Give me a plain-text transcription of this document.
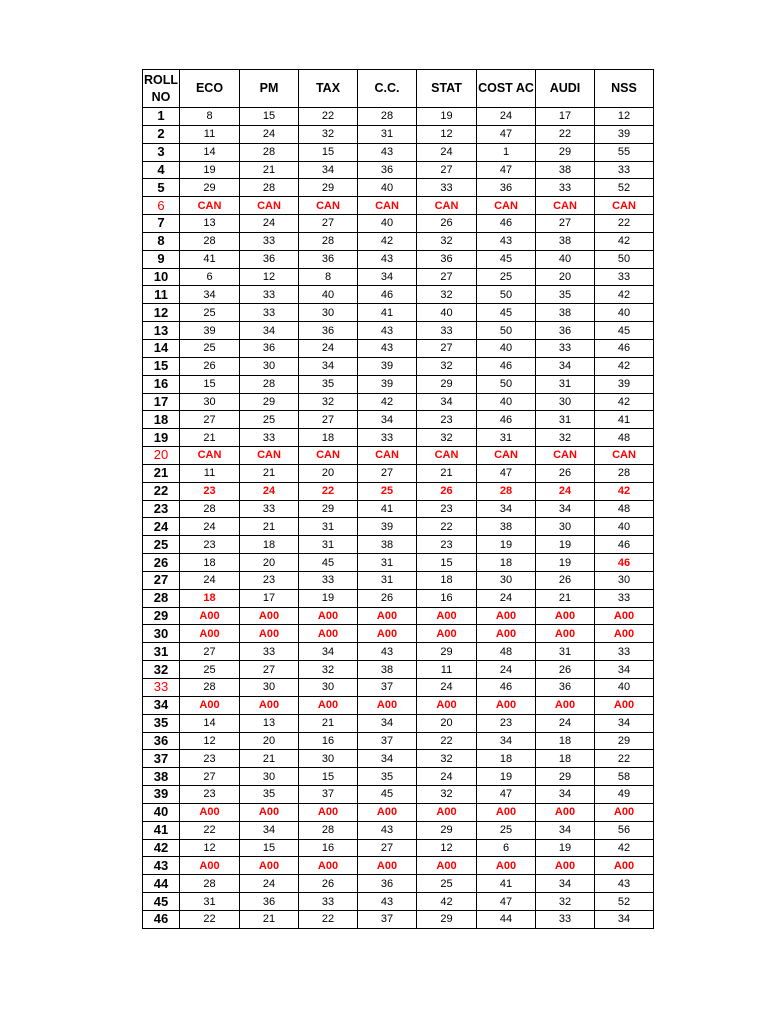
ROLL
NO	ECO	PM	TAX	C.C.	STAT	COST AC	AUDI	NSS
1	8	15	22	28	19	24	17	12
2	11	24	32	31	12	47	22	39
3	14	28	15	43	24	1	29	55
4	19	21	34	36	27	47	38	33
5	29	28	29	40	33	36	33	52
6	CAN	CAN	CAN	CAN	CAN	CAN	CAN	CAN
7	13	24	27	40	26	46	27	22
8	28	33	28	42	32	43	38	42
9	41	36	36	43	36	45	40	50
10	6	12	8	34	27	25	20	33
11	34	33	40	46	32	50	35	42
12	25	33	30	41	40	45	38	40
13	39	34	36	43	33	50	36	45
14	25	36	24	43	27	40	33	46
15	26	30	34	39	32	46	34	42
16	15	28	35	39	29	50	31	39
17	30	29	32	42	34	40	30	42
18	27	25	27	34	23	46	31	41
19	21	33	18	33	32	31	32	48
20	CAN	CAN	CAN	CAN	CAN	CAN	CAN	CAN
21	11	21	20	27	21	47	26	28
22	23	24	22	25	26	28	24	42
23	28	33	29	41	23	34	34	48
24	24	21	31	39	22	38	30	40
25	23	18	31	38	23	19	19	46
26	18	20	45	31	15	18	19	46
27	24	23	33	31	18	30	26	30
28	18	17	19	26	16	24	21	33
29	A00	A00	A00	A00	A00	A00	A00	A00
30	A00	A00	A00	A00	A00	A00	A00	A00
31	27	33	34	43	29	48	31	33
32	25	27	32	38	11	24	26	34
33	28	30	30	37	24	46	36	40
34	A00	A00	A00	A00	A00	A00	A00	A00
35	14	13	21	34	20	23	24	34
36	12	20	16	37	22	34	18	29
37	23	21	30	34	32	18	18	22
38	27	30	15	35	24	19	29	58
39	23	35	37	45	32	47	34	49
40	A00	A00	A00	A00	A00	A00	A00	A00
41	22	34	28	43	29	25	34	56
42	12	15	16	27	12	6	19	42
43	A00	A00	A00	A00	A00	A00	A00	A00
44	28	24	26	36	25	41	34	43
45	31	36	33	43	42	47	32	52
46	22	21	22	37	29	44	33	34
